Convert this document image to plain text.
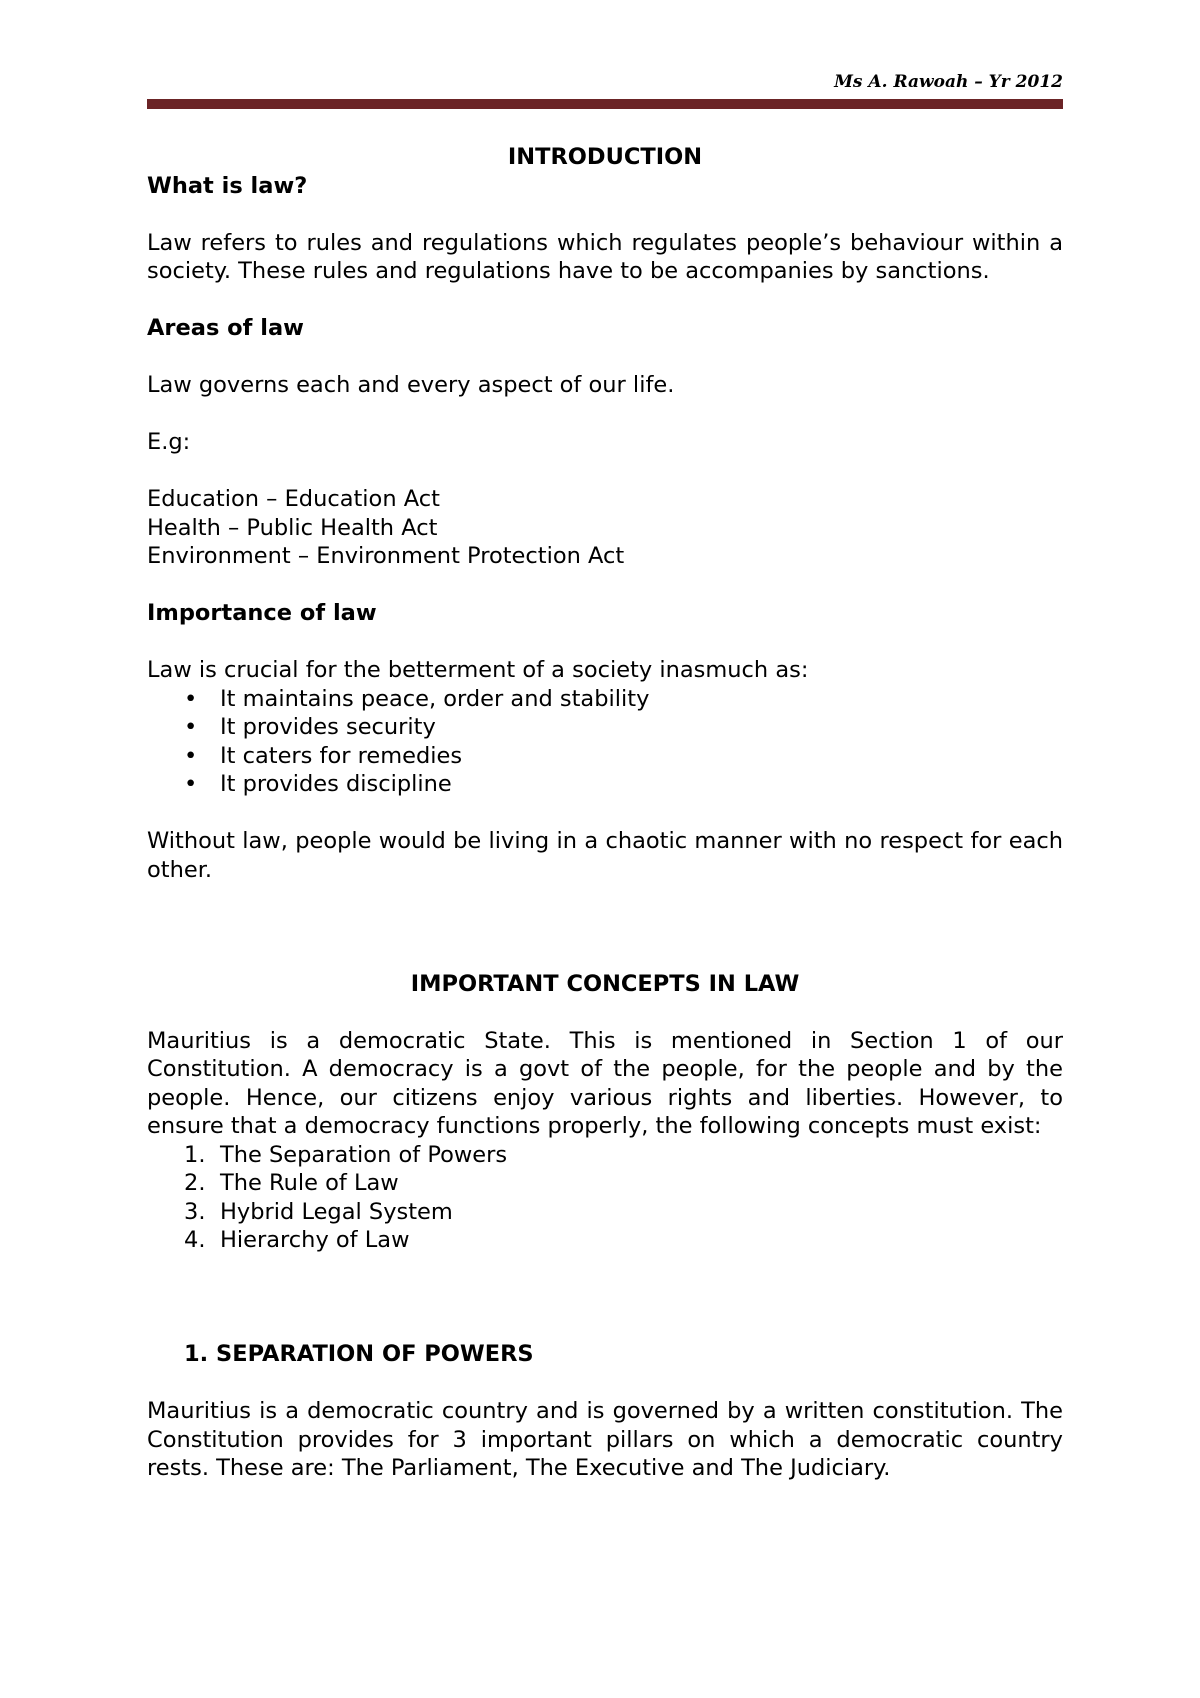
Ms A. Rawoah – Yr 2012

INTRODUCTION

What is law?

Law refers to rules and regulations which regulates people’s behaviour within a society. These rules and regulations have to be accompanies by sanctions.

Areas of law

Law governs each and every aspect of our life.

E.g:

Education – Education Act

Health – Public Health Act

Environment – Environment Protection Act

Importance of law

Law is crucial for the betterment of a society inasmuch as:

• It maintains peace, order and stability
• It provides security
• It caters for remedies
• It provides discipline

Without law, people would be living in a chaotic manner with no respect for each other.

IMPORTANT CONCEPTS IN LAW

Mauritius is a democratic State. This is mentioned in Section 1 of our Constitution. A democracy is a govt of the people, for the people and by the people. Hence, our citizens enjoy various rights and liberties. However, to ensure that a democracy functions properly, the following concepts must exist:

1. The Separation of Powers
2. The Rule of Law
3. Hybrid Legal System
4. Hierarchy of Law

1. SEPARATION OF POWERS

Mauritius is a democratic country and is governed by a written constitution. The Constitution provides for 3 important pillars on which a democratic country rests. These are: The Parliament, The Executive and The Judiciary.
